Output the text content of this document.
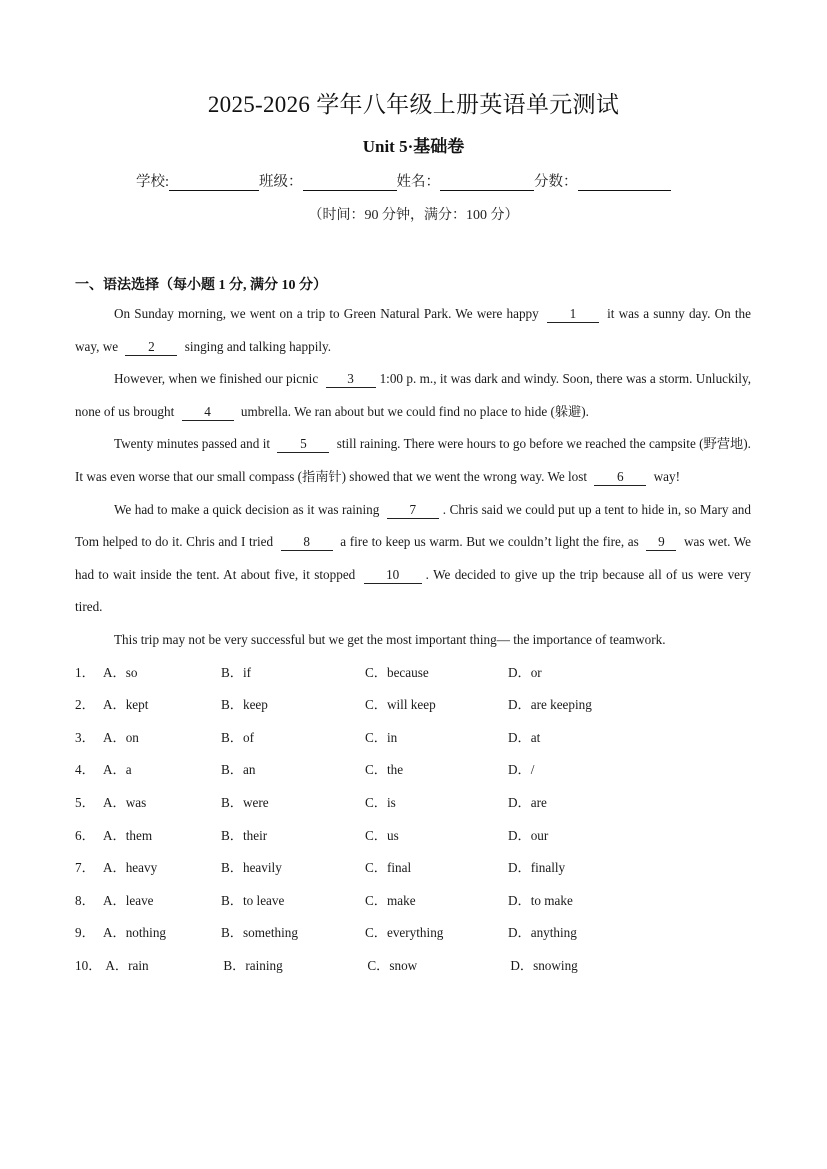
2025-2026 学年八年级上册英语单元测试
Unit 5·基础卷
学校:	班级：	姓名：	分数：
（时间：90 分钟，满分：100 分）
一、语法选择（每小题 1 分, 满分 10 分）

On Sunday morning, we went on a trip to Green Natural Park. We were happy 1 it was a sunny day. On the way, we 2 singing and talking happily.

However, when we finished our picnic 3 1:00 p. m., it was dark and windy. Soon, there was a storm. Unluckily, none of us brought 4 umbrella. We ran about but we could find no place to hide (躲避).

Twenty minutes passed and it 5 still raining. There were hours to go before we reached the campsite (野营地). It was even worse that our small compass (指南针) showed that we went the wrong way. We lost 6 way!

We had to make a quick decision as it was raining 7 . Chris said we could put up a tent to hide in, so Mary and Tom helped to do it. Chris and I tried 8 a fire to keep us warm. But we couldn’t light the fire, as 9 was wet. We had to wait inside the tent. At about five, it stopped 10 . We decided to give up the trip because all of us were very tired.

This trip may not be very successful but we get the most important thing— the importance of teamwork.

1． A．so	B．if	C．because	D．or
2． A．kept	B．keep	C．will keep	D．are keeping
3． A．on	B．of	C．in	D．at
4． A．a	B．an	C．the	D．/
5． A．was	B．were	C．is	D．are
6． A．them	B．their	C．us	D．our
7． A．heavy	B．heavily	C．final	D．finally
8． A．leave	B．to leave	C．make	D．to make
9． A．nothing	B．something	C．everything	D．anything
10． A．rain	B．raining	C．snow	D．snowing
